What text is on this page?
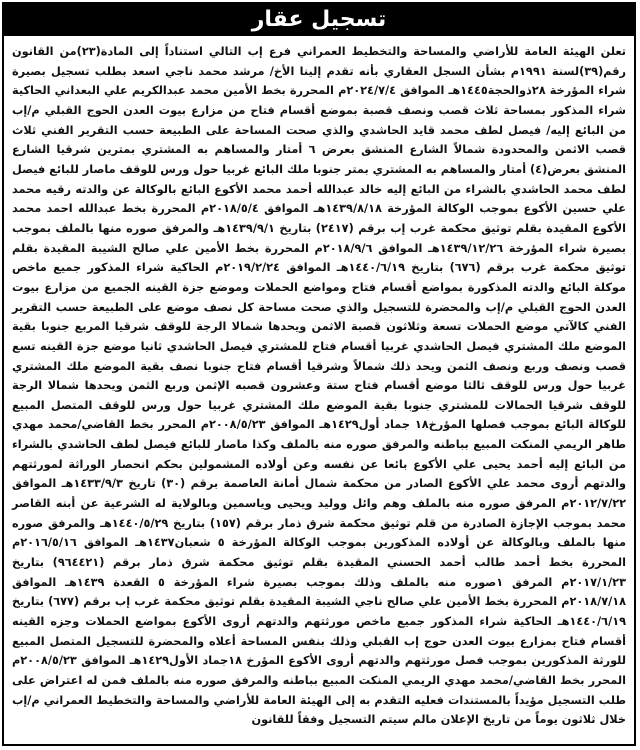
تسجيل عقار
تعلن الهيئة العامة للأراضي والمساحة والتخطيط العمراني فرع إب التالي استناداً إلى المادة(٢٣)من القانون رقم(٣٩)لسنة ١٩٩١م بشأن السجل العقاري بأنه تقدم إلينا الأخ/ مرشد محمد ناجي اسعد بطلب تسجيل بصيرة شراء المؤرخة ٢٨ذوالحجة١٤٤٥هـ الموافق ٢٠٢٤/٧/٤م المحررة بخط الأمين محمد عبدالكريم علي البعداني الحاكية شراء المذكور بمساحة ثلاث قصب ونصف قصبة بموضع أقسام فتاح من مزارع بيوت العدن الحوج القبلي م/إب من البائع إليه/ فيصل لطف محمد قايد الحاشدي والذي صحت المساحة على الطبيعة حسب التقرير الفني ثلاث قصب الاثمن والمحدودة شمالاً الشارع المنشق بعرض ٦ أمتار والمساهم به المشتري بمترين شرقيا الشارع المنشق بعرض(٤) أمتار والمساهم به المشتري بمتر جنوبا ملك البائع غربيا حول ورس للوقف ماصار للبائع فيصل لطف محمد الحاشدي بالشراء من البائع إليه خالد عبدالله أحمد محمد الأكوع البائع بالوكالة عن والدته رقيه محمد علي حسين الأكوع بموجب الوكالة المؤرخة ١٤٣٩/٨/١٨هـ الموافق ٢٠١٨/٥/٤م المحررة بخط عبدالله احمد محمد الأكوع المقيدة بقلم توثيق محكمة غرب إب برقم (٢٤١٧) بتاريخ ١٤٣٩/٩/١هـ والمرفق صوره منها بالملف بموجب بصيرة شراء المؤرخة ١٤٣٩/١٢/٢٦هـ الموافق ٢٠١٨/٩/٦م المحررة بخط الأمين علي صالح الشيبة المقيدة بقلم توثيق محكمة غرب برقم (٦٧٦) بتاريخ ١٤٤٠/٦/١٩هـ الموافق ٢٠١٩/٢/٢٤م الحاكية شراء المذكور جميع ماخص موكلة البائع والدته المذكورة بمواضع أقسام فتاح ومواضع الحملات وموضع جزة القينه الجميع من مزارع بيوت العدن الحوج القبلي م/إب والمحضرة للتسجيل والذي صحت مساحة كل نصف موضع على الطبيعة حسب التقرير الفني كالآتي موضع الحملات تسعة وثلاثون قصبة الاثمن ويحدها شمالا الرجة للوقف شرقيا المربع جنوبا بقية الموضع ملك المشتري فيصل الحاشدي غربيا أقسام فتاح للمشتري فيصل الحاشدي ثانيا موضع جزة القينه تسع قصب ونصف وربع ونصف الثمن ويحد ذلك شمالاً وشرقيا أقسام فتاح جنوبا نصف بقية الموضع ملك المشتري غربيا حول ورس للوقف ثالثا موضع أقسام فتاح ستة وعشرون قصبه الإثمن وربع الثمن ويحدها شمالا الرجة للوقف شرقيا الحمالات للمشتري جنوبا بقية الموضع ملك المشتري غربيا حول ورس للوقف المتصل المبيع للوكالة البائع بموجب فصلها المؤرخ١٨ جماد أول١٤٢٩هـ الموافق ٢٠٠٨/٥/٢٣م المحرر بخط القاضي/محمد مهدي طاهر الريمي المنكت المبيع بباطنه والمرفق صوره منه بالملف وكذا ماصار للبائع فيصل لطف الحاشدي بالشراء من البائع إليه أحمد يحيى علي الأكوع بائعا عن نفسه وعن أولاده المشمولين بحكم انحصار الوراثة لمورثتهم والدتهم أروى محمد علي الأكوع الصادر من محكمة شمال أمانة العاصمة برقم (٣٠) تاريخ ١٤٣٣/٩/٣هـ الموافق ٢٠١٢/٧/٢٢م المرفق صوره منه بالملف وهم وائل ووليد ويحيى وياسمين وبالولاية له الشرعية عن أبنه القاصر محمد بموجب الإجازة الصادرة من قلم توثيق محكمة شرق ذمار برقم (١٥٧) بتاريخ ١٤٤٠/٥/٢٩هـ والمرفق صوره منها بالملف وبالوكالة عن أولاده المذكورين بموجب الوكالة المؤرخة ٥ شعبان١٤٣٧هـ الموافق ٢٠١٦/٥/١٦م المحررة بخط أحمد طالب أحمد الحسني المقيدة بقلم توثيق محكمة شرق ذمار برقم (٩٦٤٤٢١) بتاريخ ٢٠١٧/١/٢٣م المرفق ١صوره منه بالملف وذلك بموجب بصيرة شراء المؤرخة ٥ القعدة ١٤٣٩هـ الموافق ٢٠١٨/٧/١٨م المحررة بخط الأمين علي صالح ناجي الشيبة المقيدة بقلم توثيق محكمة غرب إب برقم (٦٧٧) بتاريخ ١٤٤٠/٦/١٩هـ الحاكية شراء المذكور جميع ماخص مورثتهم والدتهم أروى الأكوع بمواضع الحملات وجزه القينه أقسام فتاح بمزارع بيوت العدن حوج إب القبلي وذلك بنفس المساحة أعلاه والمحضرة للتسجيل المتصل المبيع للورثة المذكورين بموجب فصل مورثتهم والدتهم أروى الأكوع المؤرخ ١٨جماد الأول١٤٢٩هـ الموافق ٢٠٠٨/٥/٢٣م المحرر بخط القاضي/محمد مهدي الريمي المنكت المبيع بباطنه والمرفق صوره منه بالملف فمن له اعتراض على طلب التسجيل مؤيداً بالمستندات فعليه التقدم به إلى الهيئة العامة للأراضي والمساحة والتخطيط العمراني م/إب خلال ثلاثون يوماً من تاريخ الإعلان مالم سيتم التسجيل وفقاً للقانون
